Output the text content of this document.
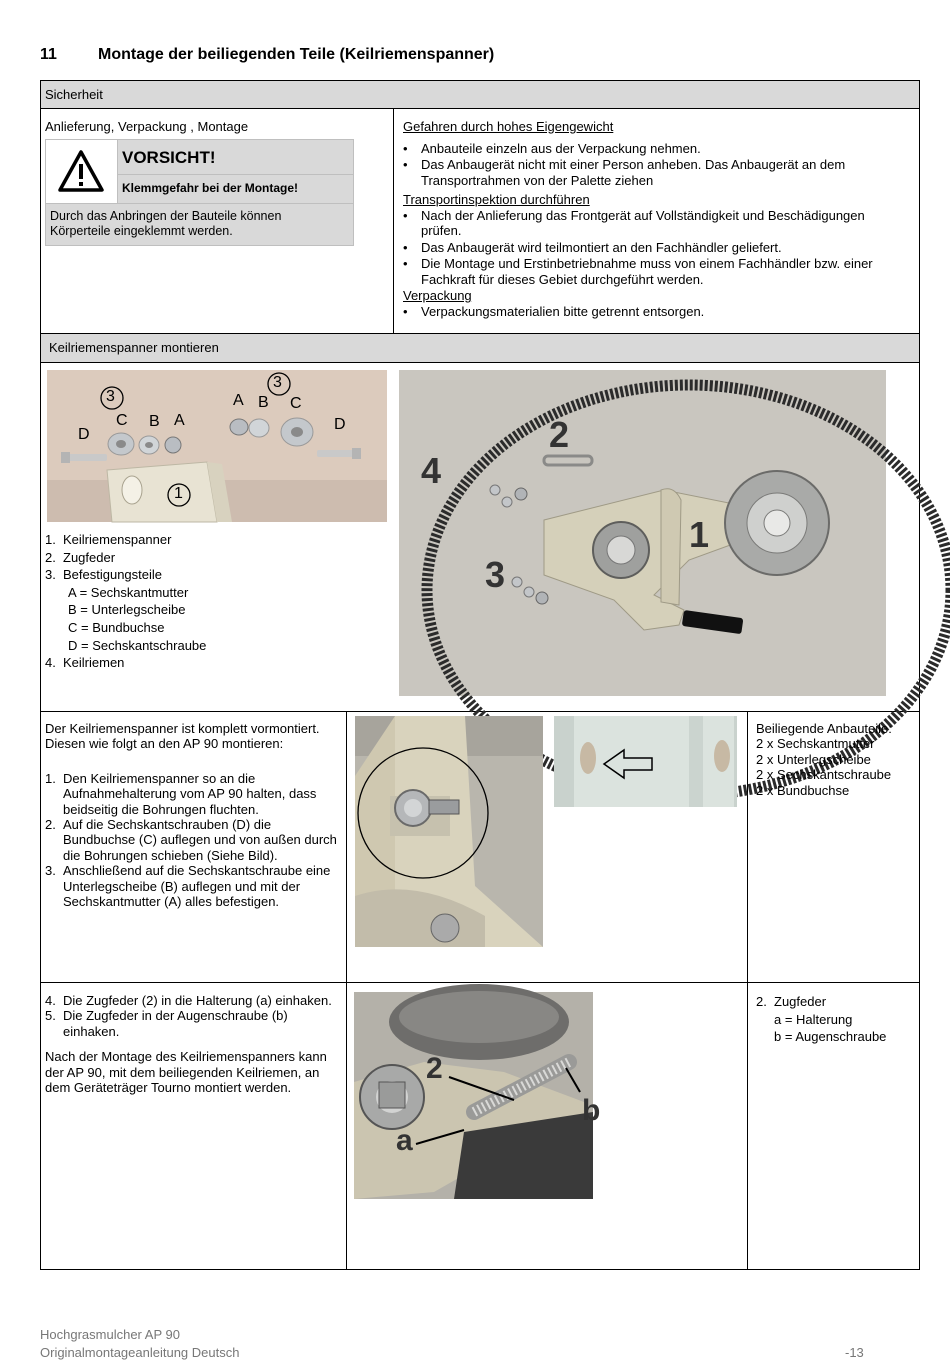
11	Montage der beiliegenden Teile (Keilriemenspanner)
Sicherheit
Anlieferung, Verpackung , Montage
VORSICHT!
Klemmgefahr bei der Montage!
Durch das Anbringen der Bauteile können Körperteile eingeklemmt werden.
Gefahren durch hohes Eigengewicht
• Anbauteile einzeln aus der Verpackung nehmen.
• Das Anbaugerät nicht mit einer Person anheben. Das Anbaugerät an dem Transportrahmen von der Palette ziehen
Transportinspektion durchführen
• Nach der Anlieferung das Frontgerät auf Vollständigkeit und Beschädigungen prüfen.
• Das Anbaugerät wird teilmontiert an den Fachhändler geliefert.
• Die Montage und Erstinbetriebnahme muss von einem Fachhändler bzw. einer Fachkraft für dieses Gebiet durchgeführt werden.
Verpackung
• Verpackungsmaterialien bitte getrennt entsorgen.
Keilriemenspanner montieren
3
D
C B A
3
A B C
D
1
4
2
1
3
1. Keilriemenspanner
2. Zugfeder
3. Befestigungsteile
A = Sechskantmutter
B = Unterlegscheibe
C = Bundbuchse
D = Sechskantschraube
4. Keilriemen
Der Keilriemenspanner ist komplett vormontiert. Diesen wie folgt an den AP 90 montieren:
1. Den Keilriemenspanner so an die Aufnahmehalterung vom AP 90 halten, dass beidseitig die Bohrungen fluchten.
2. Auf die Sechskantschrauben (D) die Bundbuchse (C) auflegen und von außen durch die Bohrungen schieben (Siehe Bild).
3. Anschließend auf die Sechskantschraube eine Unterlegscheibe (B) auflegen und mit der Sechskantmutter (A) alles befestigen.
Beiliegende Anbauteile:
2 x Sechskantmutter
2 x Unterlegscheibe
2 x Sechskantschraube
2 x Bundbuchse
4. Die Zugfeder (2) in die Halterung (a) einhaken.
5. Die Zugfeder in der Augenschraube (b) einhaken.
Nach der Montage des Keilriemenspanners kann der AP 90, mit dem beiliegenden Keilriemen, an dem Geräteträger Tourno montiert werden.
2
a
b
2. Zugfeder
a = Halterung
b = Augenschraube
Hochgrasmulcher AP 90
Originalmontageanleitung Deutsch	-13
